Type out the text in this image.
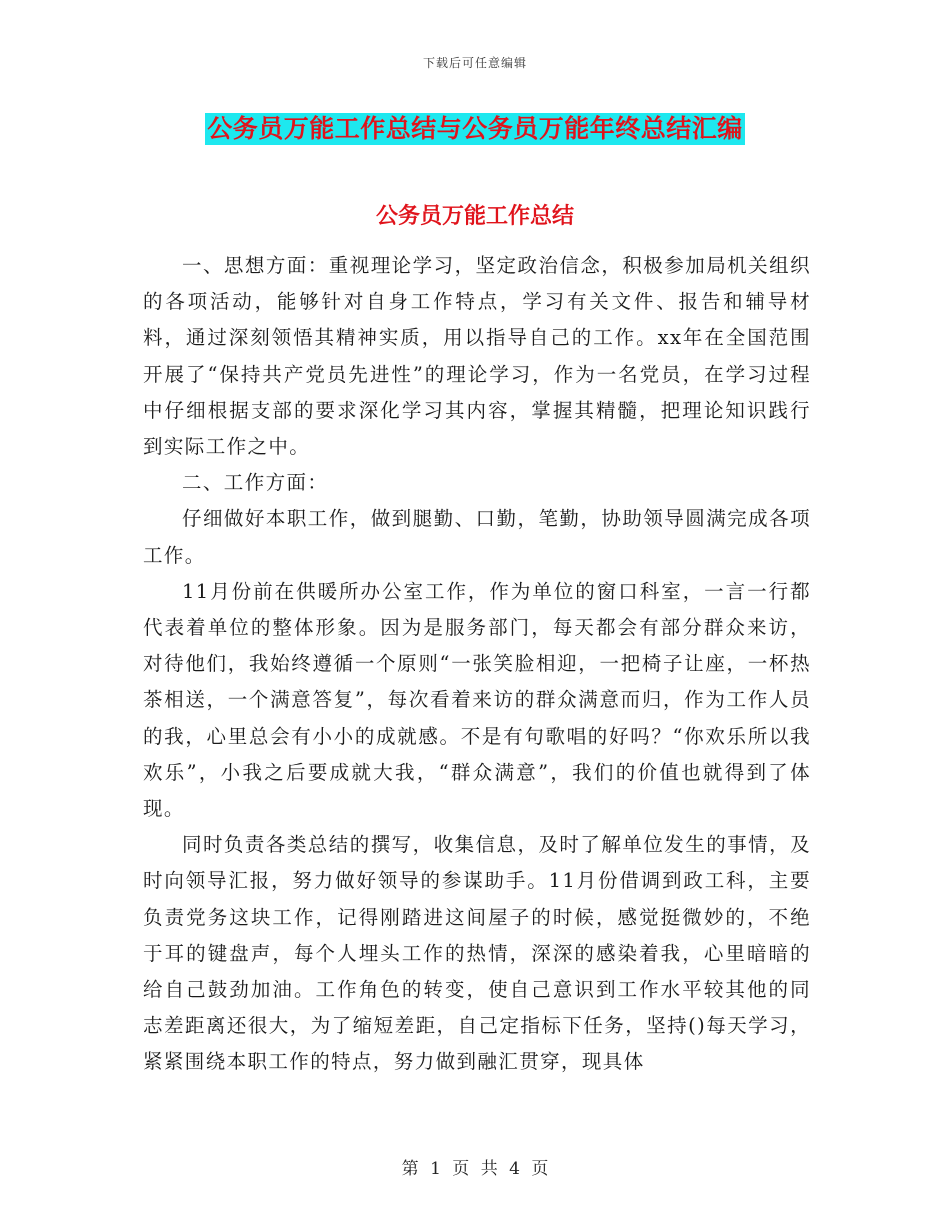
下载后可任意编辑
公务员万能工作总结与公务员万能年终总结汇编
公务员万能工作总结

一、思想方面：重视理论学习，坚定政治信念，积极参加局机关组织的各项活动，能够针对自身工作特点，学习有关文件、报告和辅导材料，通过深刻领悟其精神实质，用以指导自己的工作。xx年在全国范围开展了“保持共产党员先进性”的理论学习，作为一名党员，在学习过程中仔细根据支部的要求深化学习其内容，掌握其精髓，把理论知识践行到实际工作之中。

二、工作方面：

仔细做好本职工作，做到腿勤、口勤，笔勤，协助领导圆满完成各项工作。

11月份前在供暖所办公室工作，作为单位的窗口科室，一言一行都代表着单位的整体形象。因为是服务部门，每天都会有部分群众来访，对待他们，我始终遵循一个原则“一张笑脸相迎，一把椅子让座，一杯热茶相送，一个满意答复”，每次看着来访的群众满意而归，作为工作人员的我，心里总会有小小的成就感。不是有句歌唱的好吗？“你欢乐所以我欢乐”，小我之后要成就大我，“群众满意”，我们的价值也就得到了体现。

同时负责各类总结的撰写，收集信息，及时了解单位发生的事情，及时向领导汇报，努力做好领导的参谋助手。11月份借调到政工科，主要负责党务这块工作，记得刚踏进这间屋子的时候，感觉挺微妙的，不绝于耳的键盘声，每个人埋头工作的热情，深深的感染着我，心里暗暗的给自己鼓劲加油。工作角色的转变，使自己意识到工作水平较其他的同志差距离还很大，为了缩短差距，自己定指标下任务，坚持()每天学习，紧紧围绕本职工作的特点，努力做到融汇贯穿，现具体

第 1 页 共 4 页
